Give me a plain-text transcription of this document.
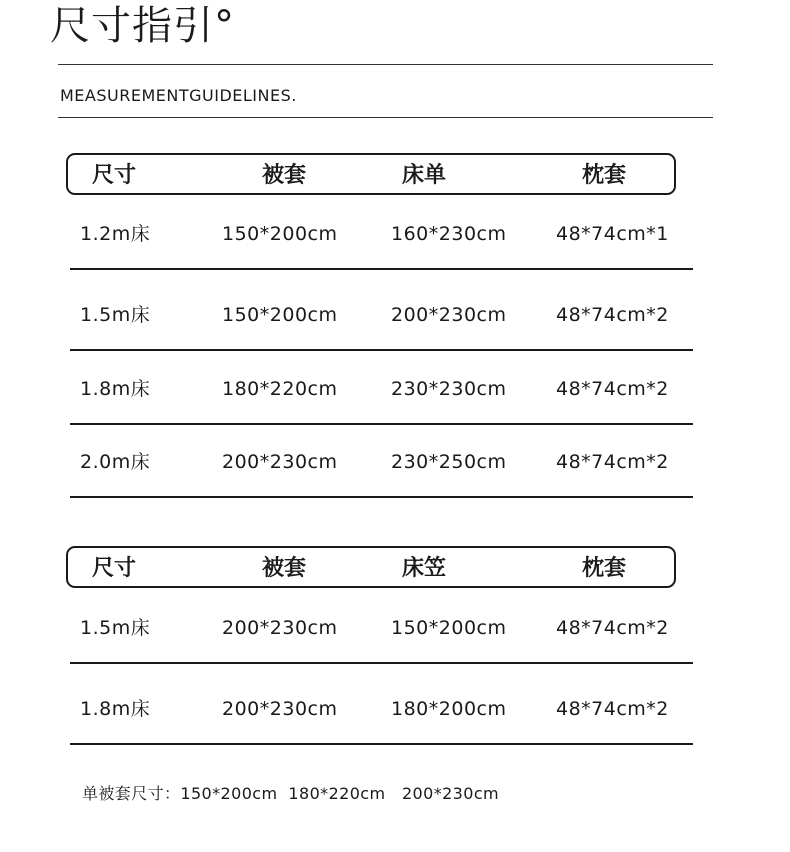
尺寸指引°
MEASUREMENTGUIDELINES.
尺寸	被套	床单	枕套
1.2m床	150*200cm	160*230cm	48*74cm*1
1.5m床	150*200cm	200*230cm	48*74cm*2
1.8m床	180*220cm	230*230cm	48*74cm*2
2.0m床	200*230cm	230*250cm	48*74cm*2
尺寸	被套	床笠	枕套
1.5m床	200*230cm	150*200cm	48*74cm*2
1.8m床	200*230cm	180*200cm	48*74cm*2
单被套尺寸：150*200cm  180*220cm   200*230cm
